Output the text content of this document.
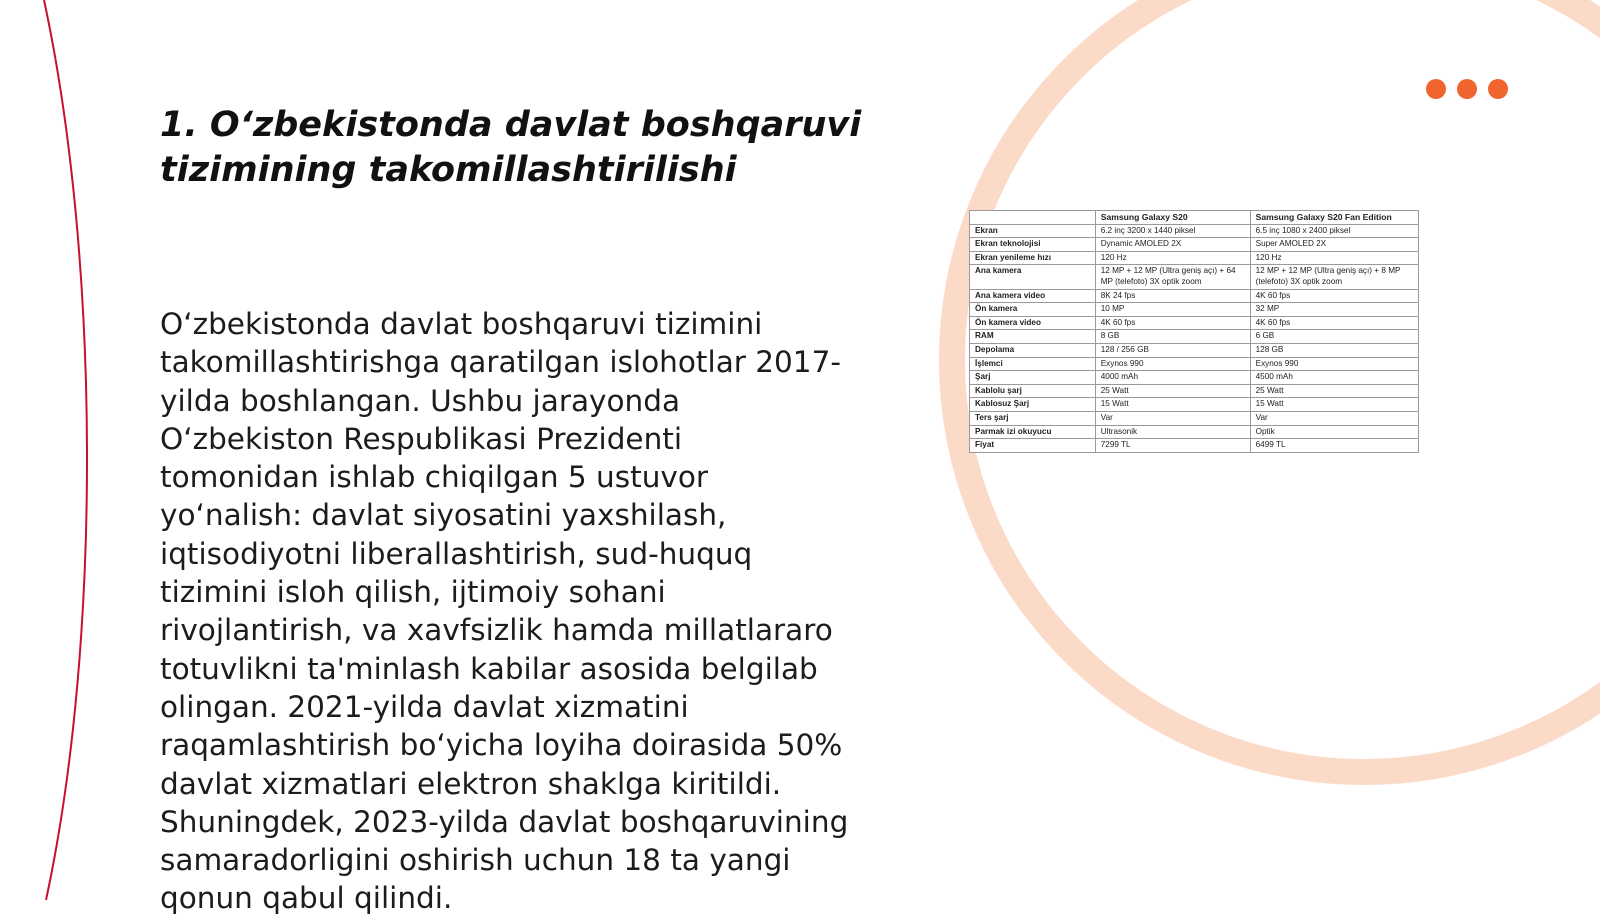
1. O‘zbekistonda davlat boshqaruvi tizimining takomillashtirilishi

O‘zbekistonda davlat boshqaruvi tizimini takomillashtirishga qaratilgan islohotlar 2017-yilda boshlangan. Ushbu jarayonda O‘zbekiston Respublikasi Prezidenti tomonidan ishlab chiqilgan 5 ustuvor yo‘nalish: davlat siyosatini yaxshilash, iqtisodiyotni liberallashtirish, sud-huquq tizimini isloh qilish, ijtimoiy sohani rivojlantirish, va xavfsizlik hamda millatlararo totuvlikni ta'minlash kabilar asosida belgilab olingan. 2021-yilda davlat xizmatini raqamlashtirish bo‘yicha loyiha doirasida 50% davlat xizmatlari elektron shaklga kiritildi. Shuningdek, 2023-yilda davlat boshqaruvining samaradorligini oshirish uchun 18 ta yangi qonun qabul qilindi.

	Samsung Galaxy S20	Samsung Galaxy S20 Fan Edition
Ekran	6.2 inç 3200 x 1440 piksel	6.5 inç 1080 x 2400 piksel
Ekran teknolojisi	Dynamic AMOLED 2X	Super AMOLED 2X
Ekran yenileme hızı	120 Hz	120 Hz
Ana kamera	12 MP + 12 MP (Ultra geniş açı) + 64 MP (telefoto) 3X optik zoom	12 MP + 12 MP (Ultra geniş açı) + 8 MP (telefoto) 3X optik zoom
Ana kamera video	8K 24 fps	4K 60 fps
Ön kamera	10 MP	32 MP
Ön kamera video	4K 60 fps	4K 60 fps
RAM	8 GB	6 GB
Depolama	128 / 256 GB	128 GB
İşlemci	Exynos 990	Exynos 990
Şarj	4000 mAh	4500 mAh
Kablolu şarj	25 Watt	25 Watt
Kablosuz Şarj	15 Watt	15 Watt
Ters şarj	Var	Var
Parmak izi okuyucu	Ultrasonik	Optik
Fiyat	7299 TL	6499 TL
